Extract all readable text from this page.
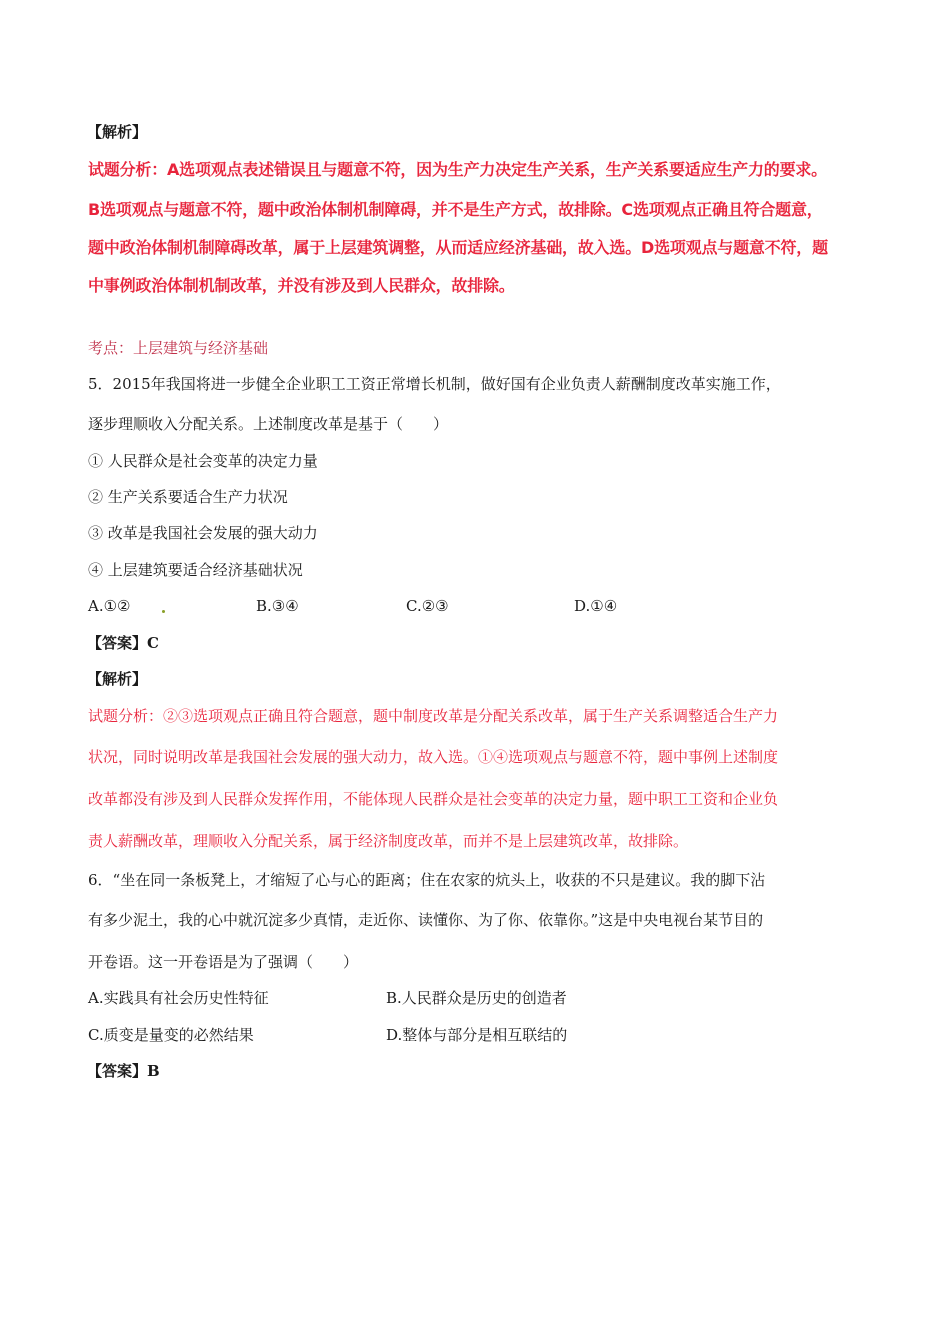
【解析】
试题分析：A选项观点表述错误且与题意不符，因为生产力决定生产关系，生产关系要适应生产力的要求。
B选项观点与题意不符，题中政治体制机制障碍，并不是生产方式，故排除。C选项观点正确且符合题意，
题中政治体制机制障碍改革，属于上层建筑调整，从而适应经济基础，故入选。D选项观点与题意不符，题
中事例政治体制机制改革，并没有涉及到人民群众，故排除。
考点：上层建筑与经济基础
5．2015年我国将进一步健全企业职工工资正常增长机制，做好国有企业负责人薪酬制度改革实施工作，
逐步理顺收入分配关系。上述制度改革是基于（　　）
① 人民群众是社会变革的决定力量
② 生产关系要适合生产力状况
③ 改革是我国社会发展的强大动力
④ 上层建筑要适合经济基础状况
A.①②	B.③④	C.②③	D.①④
【答案】C
【解析】
试题分析：②③选项观点正确且符合题意，题中制度改革是分配关系改革，属于生产关系调整适合生产力
状况，同时说明改革是我国社会发展的强大动力，故入选。①④选项观点与题意不符，题中事例上述制度
改革都没有涉及到人民群众发挥作用，不能体现人民群众是社会变革的决定力量，题中职工工资和企业负
责人薪酬改革，理顺收入分配关系，属于经济制度改革，而并不是上层建筑改革，故排除。
6．“坐在同一条板凳上，才缩短了心与心的距离；住在农家的炕头上，收获的不只是建议。我的脚下沾
有多少泥土，我的心中就沉淀多少真情，走近你、读懂你、为了你、依靠你。”这是中央电视台某节目的
开卷语。这一开卷语是为了强调（　　）
A.实践具有社会历史性特征	B.人民群众是历史的创造者
C.质变是量变的必然结果	D.整体与部分是相互联结的
【答案】B
